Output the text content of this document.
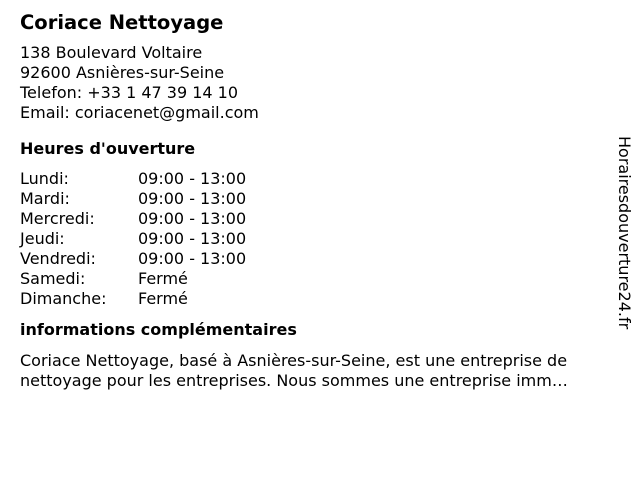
Coriace Nettoyage
138 Boulevard Voltaire
92600 Asnières-sur-Seine
Telefon: +33 1 47 39 14 10
Email: coriacenet@gmail.com
Heures d'ouverture
Lundi:	09:00 - 13:00
Mardi:	09:00 - 13:00
Mercredi:	09:00 - 13:00
Jeudi:	09:00 - 13:00
Vendredi:	09:00 - 13:00
Samedi:	Fermé
Dimanche:	Fermé
informations complémentaires
Coriace Nettoyage, basé à Asnières-sur-Seine, est une entreprise de
nettoyage pour les entreprises. Nous sommes une entreprise imm…
Horairesdouverture24.fr
